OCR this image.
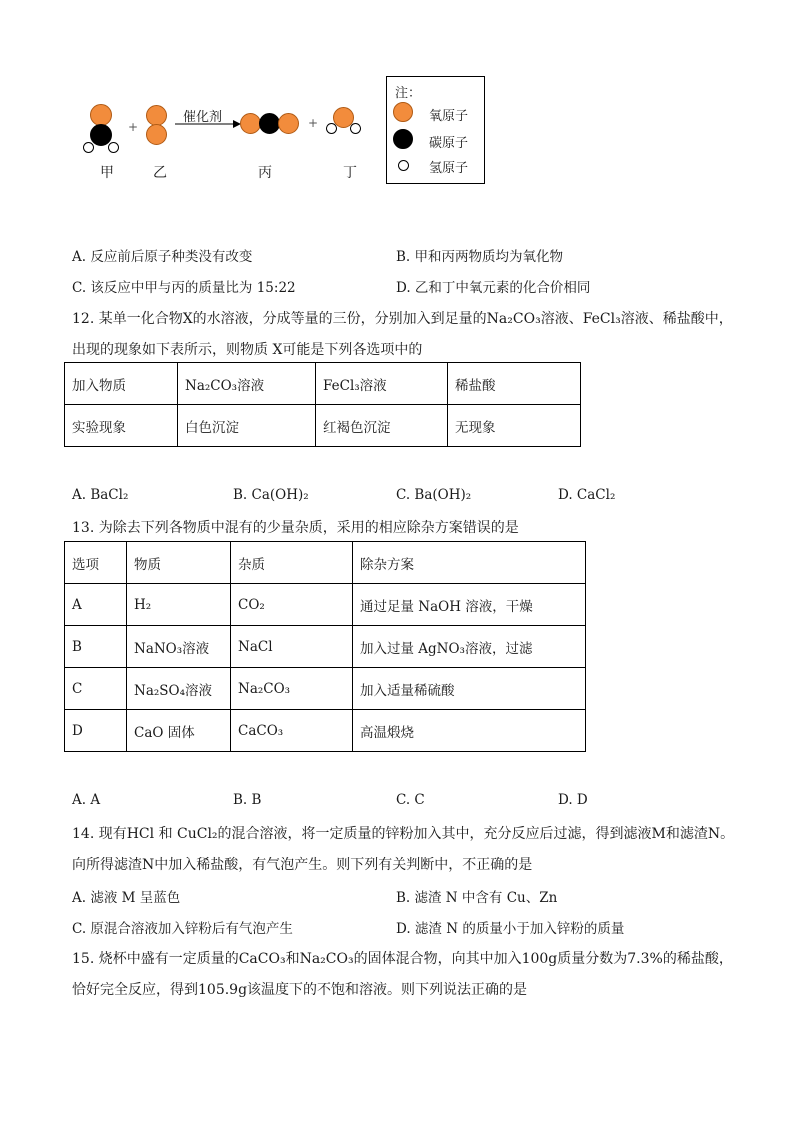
+
催化剂	+
甲	乙	丙	丁
注：
氧原子
碳原子
氢原子
A. 反应前后原子种类没有改变	B. 甲和丙两物质均为氧化物
C. 该反应中甲与丙的质量比为 15:22	D. 乙和丁中氧元素的化合价相同
12. 某单一化合物X的水溶液，分成等量的三份，分别加入到足量的Na₂CO₃溶液、FeCl₃溶液、稀盐酸中，
出现的现象如下表所示，则物质 X可能是下列各选项中的
加入物质	Na₂CO₃溶液	FeCl₃溶液	稀盐酸
实验现象	白色沉淀	红褐色沉淀	无现象
A. BaCl₂	B. Ca(OH)₂	C. Ba(OH)₂	D. CaCl₂
13. 为除去下列各物质中混有的少量杂质，采用的相应除杂方案错误的是
选项	物质	杂质	除杂方案
A	H₂	CO₂	通过足量 NaOH 溶液，干燥
B	NaNO₃溶液	NaCl	加入过量 AgNO₃溶液，过滤
C	Na₂SO₄溶液	Na₂CO₃	加入适量稀硫酸
D	CaO 固体	CaCO₃	高温煅烧
A. A	B. B	C. C	D. D
14. 现有HCl 和 CuCl₂的混合溶液，将一定质量的锌粉加入其中，充分反应后过滤，得到滤液M和滤渣N。
向所得滤渣N中加入稀盐酸，有气泡产生。则下列有关判断中，不正确的是
A. 滤液 M 呈蓝色	B. 滤渣 N 中含有 Cu、Zn
C. 原混合溶液加入锌粉后有气泡产生	D. 滤渣 N 的质量小于加入锌粉的质量
15. 烧杯中盛有一定质量的CaCO₃和Na₂CO₃的固体混合物，向其中加入100g质量分数为7.3%的稀盐酸，
恰好完全反应，得到105.9g该温度下的不饱和溶液。则下列说法正确的是
